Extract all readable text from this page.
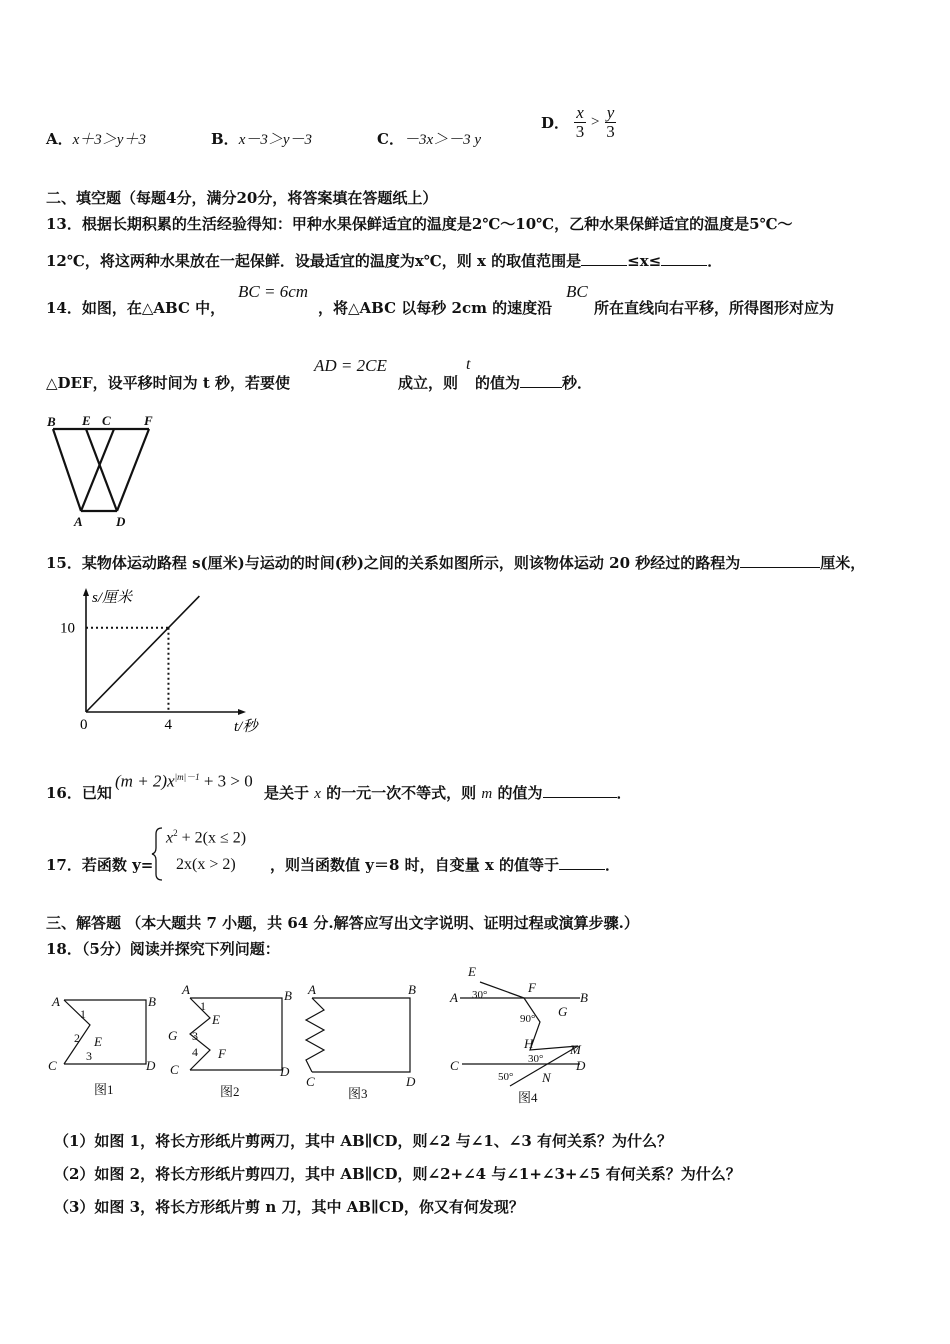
A．x＋3＞y＋3	B．x－3＞y－3	C．－3x＞－3 y
D． $\frac{x}{3} > \frac{y}{3}$
二、填空题（每题4分，满分20分，将答案填在答题纸上）
13．根据长期积累的生活经验得知：甲种水果保鲜适宜的温度是2℃～10℃，乙种水果保鲜适宜的温度是5℃～
12℃，将这两种水果放在一起保鲜．设最适宜的温度为x℃，则 x 的取值范围是	≤x≤	．
14．如图，在△ABC 中，
BC = 6cm
，将△ABC 以每秒 2cm 的速度沿
BC
所在直线向右平移，所得图形对应为
△DEF，设平移时间为 t 秒，若要使
AD = 2CE
成立，则
t
的值为	秒．
B E C	F
A	D
15．某物体运动路程 s(厘米)与运动的时间(秒)之间的关系如图所示，则该物体运动 20 秒经过的路程为	厘米，
0	4
10
t/秒
s/厘米
16．已知
$(m + 2)x^{|m|-1} + 3 > 0$
是关于 x 的一元一次不等式，则 m 的值为	．
17．若函数 y=
$x^2 + 2(x \le 2)$
2x(x > 2) ，则当函数值 y＝8 时，自变量 x 的值等于	．
三、解答题 （本大题共 7 小题，共 64 分.解答应写出文字说明、证明过程或演算步骤.）
18．（5分）阅读并探究下列问题：
A	B
1
2 E
3
C	D
A	B
1
E
G 3
4 F
C	D
A	B
C	D
E
30°	F
A	B
90° G
H
30°
M
C
50° N
D
图1	图2	图3	图4
（1）如图 1，将长方形纸片剪两刀，其中 AB∥CD，则∠2 与∠1、∠3 有何关系？为什么？
（2）如图 2，将长方形纸片剪四刀，其中 AB∥CD，则∠2+∠4 与∠1+∠3+∠5 有何关系？为什么？
（3）如图 3，将长方形纸片剪 n 刀，其中 AB∥CD，你又有何发现？
